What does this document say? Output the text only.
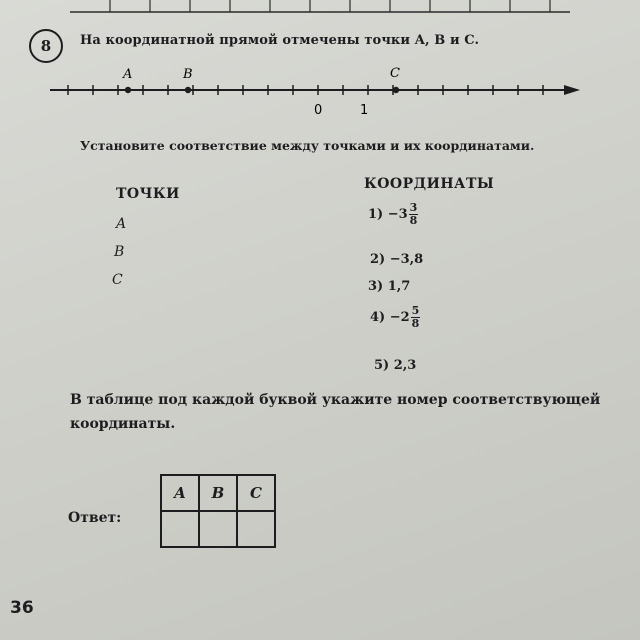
8 На координатной прямой отмечены точки A, B и C.
A	B	C
0	1
Установите соответствие между точками и их координатами.
ТОЧКИ
КООРДИНАТЫ
A
B
C
$1) -3 \frac{3}{8}$
2) −3,8
3) 1,7
$4) -2 \frac{5}{8}$
5) 2,3
В таблице под каждой буквой укажите номер соответствующей координаты.
Ответ:
A	B	C

36
